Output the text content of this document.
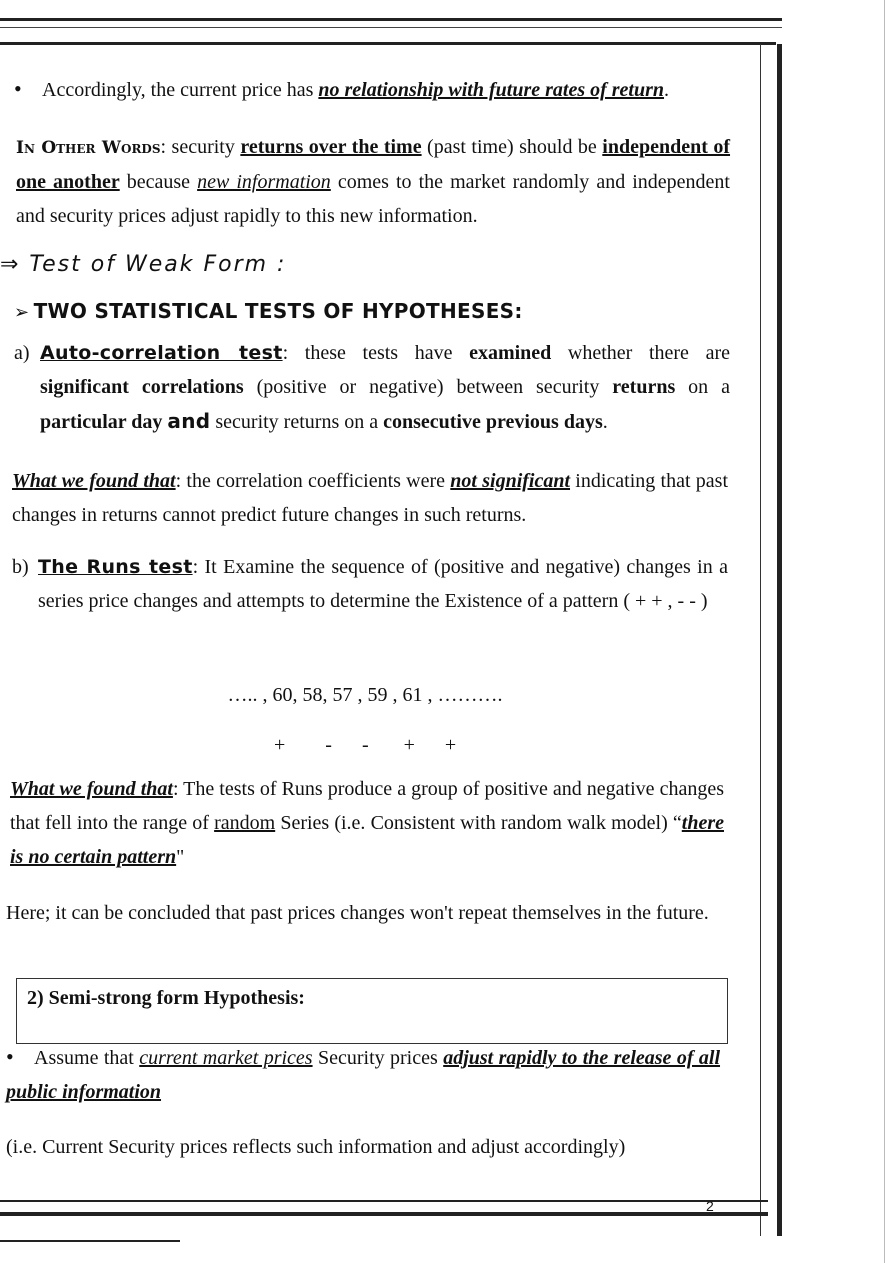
• Accordingly, the current price has no relationship with future rates of return.
In Other Words: security returns over the time (past time) should be independent of one another because new information comes to the market randomly and independent and security prices adjust rapidly to this new information.
⇒ Test of Weak Form :
➢ TWO STATISTICAL TESTS OF HYPOTHESES:
a) Auto-correlation test: these tests have examined whether there are significant correlations (positive or negative) between security returns on a particular day and security returns on a consecutive previous days.
What we found that: the correlation coefficients were not significant indicating that past changes in returns cannot predict future changes in such returns.
b) The Runs test: It Examine the sequence of (positive and negative) changes in a series price changes and attempts to determine the Existence of a pattern ( + + , - - )
….. , 60, 58, 57 , 59 , 61 , ……….
+        -      -       +      +
What we found that: The tests of Runs produce a group of positive and negative changes that fell into the range of random Series (i.e. Consistent with random walk model) “there is no certain pattern"
Here; it can be concluded that past prices changes won't repeat themselves in the future.
2) Semi-strong form Hypothesis:
• Assume that current market prices Security prices adjust rapidly to the release of all public information
(i.e. Current Security prices reflects such information and adjust accordingly)
2
